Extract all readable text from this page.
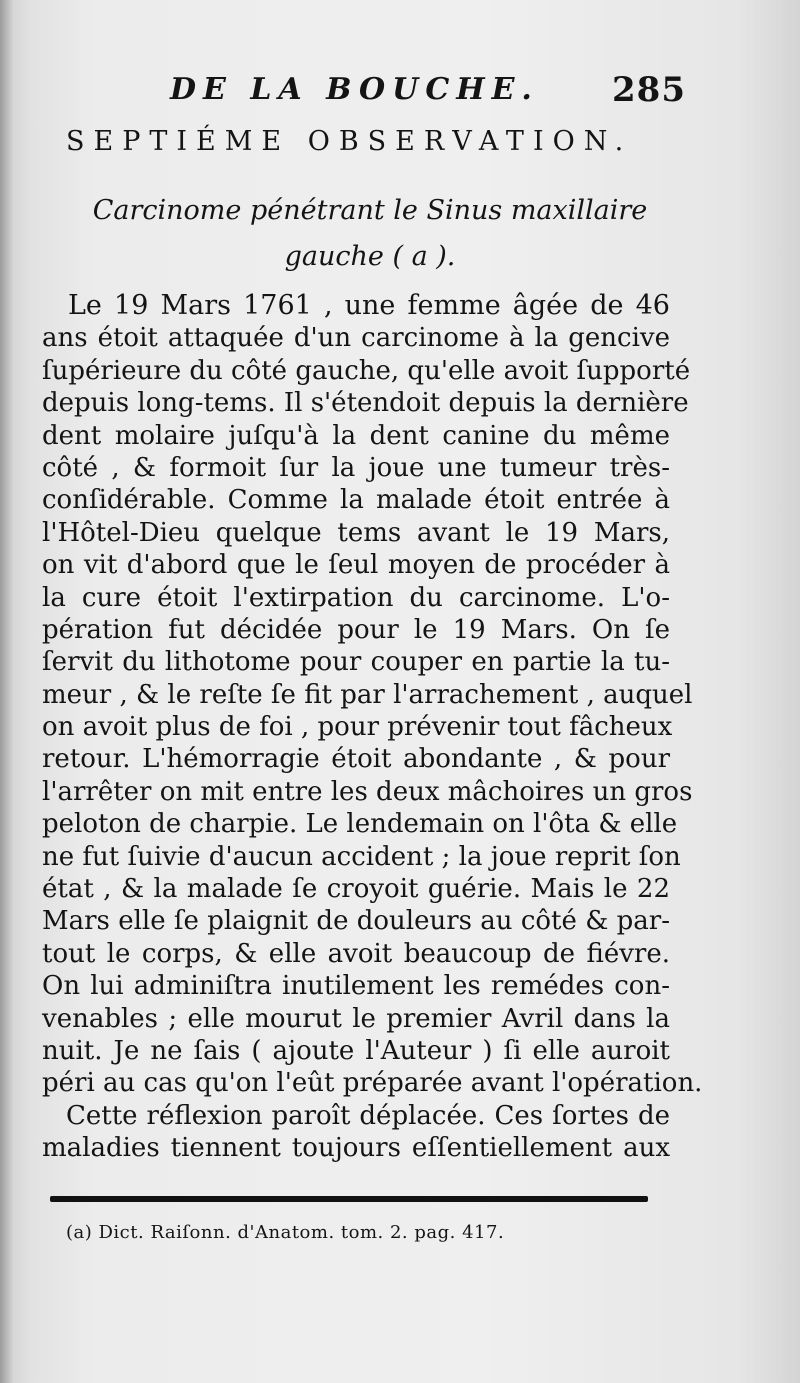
DE LA BOUCHE. 285
SEPTIÉME OBSERVATION.
Carcinome pénétrant le Sinus maxillaire
gauche ( a ).
Le 19 Mars 1761 , une femme âgée de 46
ans étoit attaquée d'un carcinome à la gencive
ſupérieure du côté gauche, qu'elle avoit ſupporté
depuis long-tems. Il s'étendoit depuis la dernière
dent molaire juſqu'à la dent canine du même
côté , & formoit ſur la joue une tumeur très-
conſidérable. Comme la malade étoit entrée à
l'Hôtel-Dieu quelque tems avant le 19 Mars,
on vit d'abord que le ſeul moyen de procéder à
la cure étoit l'extirpation du carcinome. L'o-
pération fut décidée pour le 19 Mars. On ſe
ſervit du lithotome pour couper en partie la tu-
meur , & le reſte ſe fit par l'arrachement , auquel
on avoit plus de foi , pour prévenir tout fâcheux
retour. L'hémorragie étoit abondante , & pour
l'arrêter on mit entre les deux mâchoires un gros
peloton de charpie. Le lendemain on l'ôta & elle
ne fut ſuivie d'aucun accident ; la joue reprit ſon
état , & la malade ſe croyoit guérie. Mais le 22
Mars elle ſe plaignit de douleurs au côté & par-
tout le corps, & elle avoit beaucoup de fiévre.
On lui adminiſtra inutilement les remédes con-
venables ; elle mourut le premier Avril dans la
nuit. Je ne ſais ( ajoute l'Auteur ) ſi elle auroit
péri au cas qu'on l'eût préparée avant l'opération.
Cette réflexion paroît déplacée. Ces ſortes de
maladies tiennent toujours eſſentiellement aux
(a) Dict. Raiſonn. d'Anatom. tom. 2. pag. 417.
